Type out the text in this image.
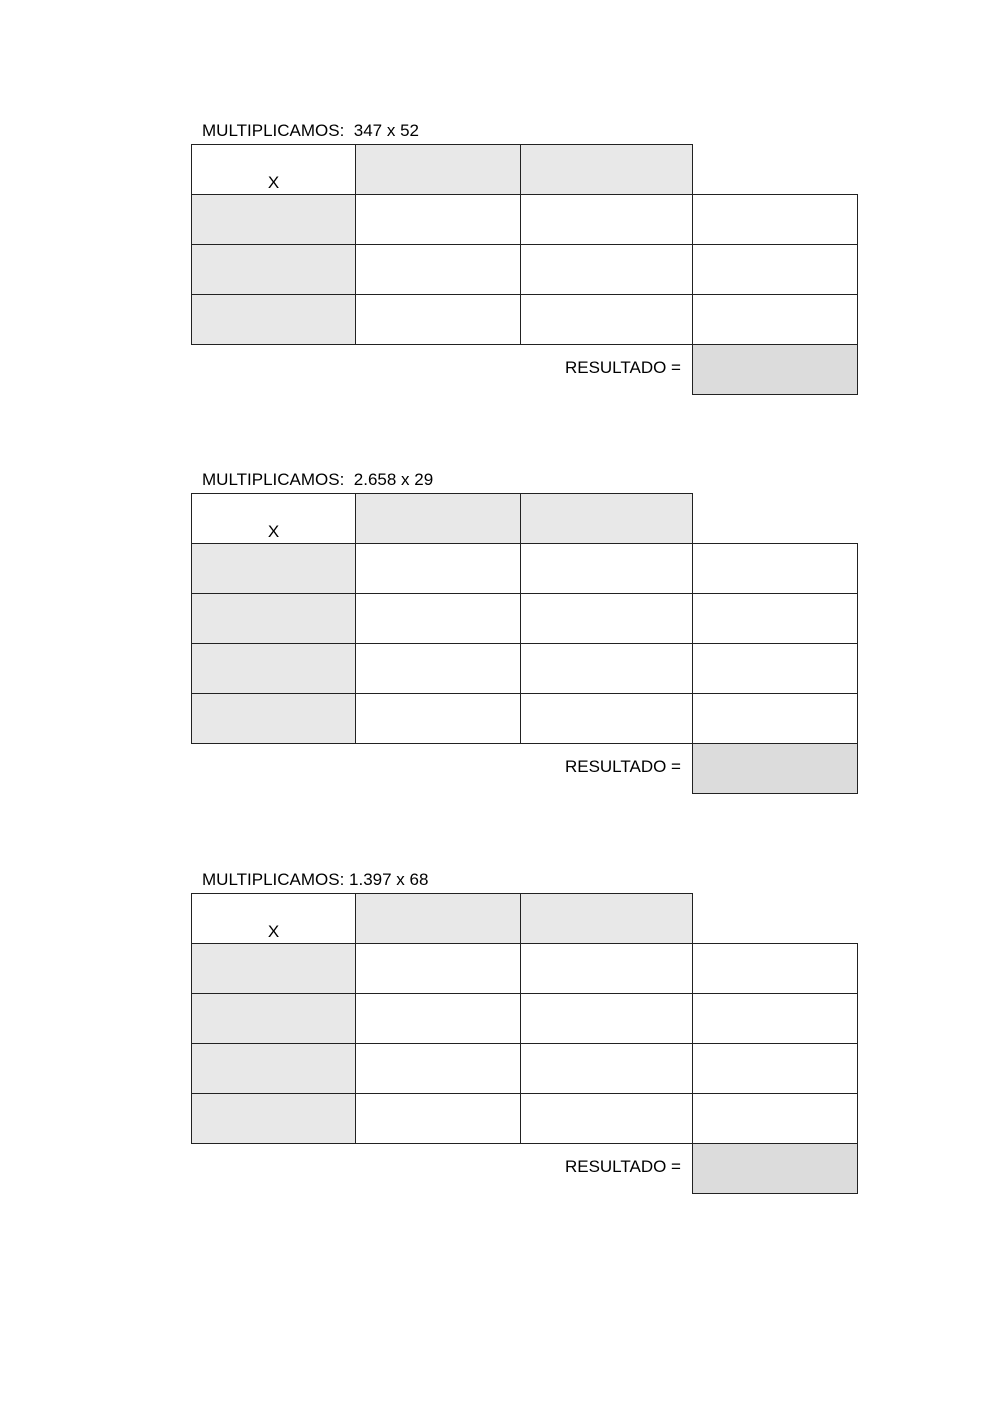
MULTIPLICAMOS:  347 x 52
X
RESULTADO =
MULTIPLICAMOS:  2.658 x 29
X
RESULTADO =
MULTIPLICAMOS: 1.397 x 68
X
RESULTADO =
